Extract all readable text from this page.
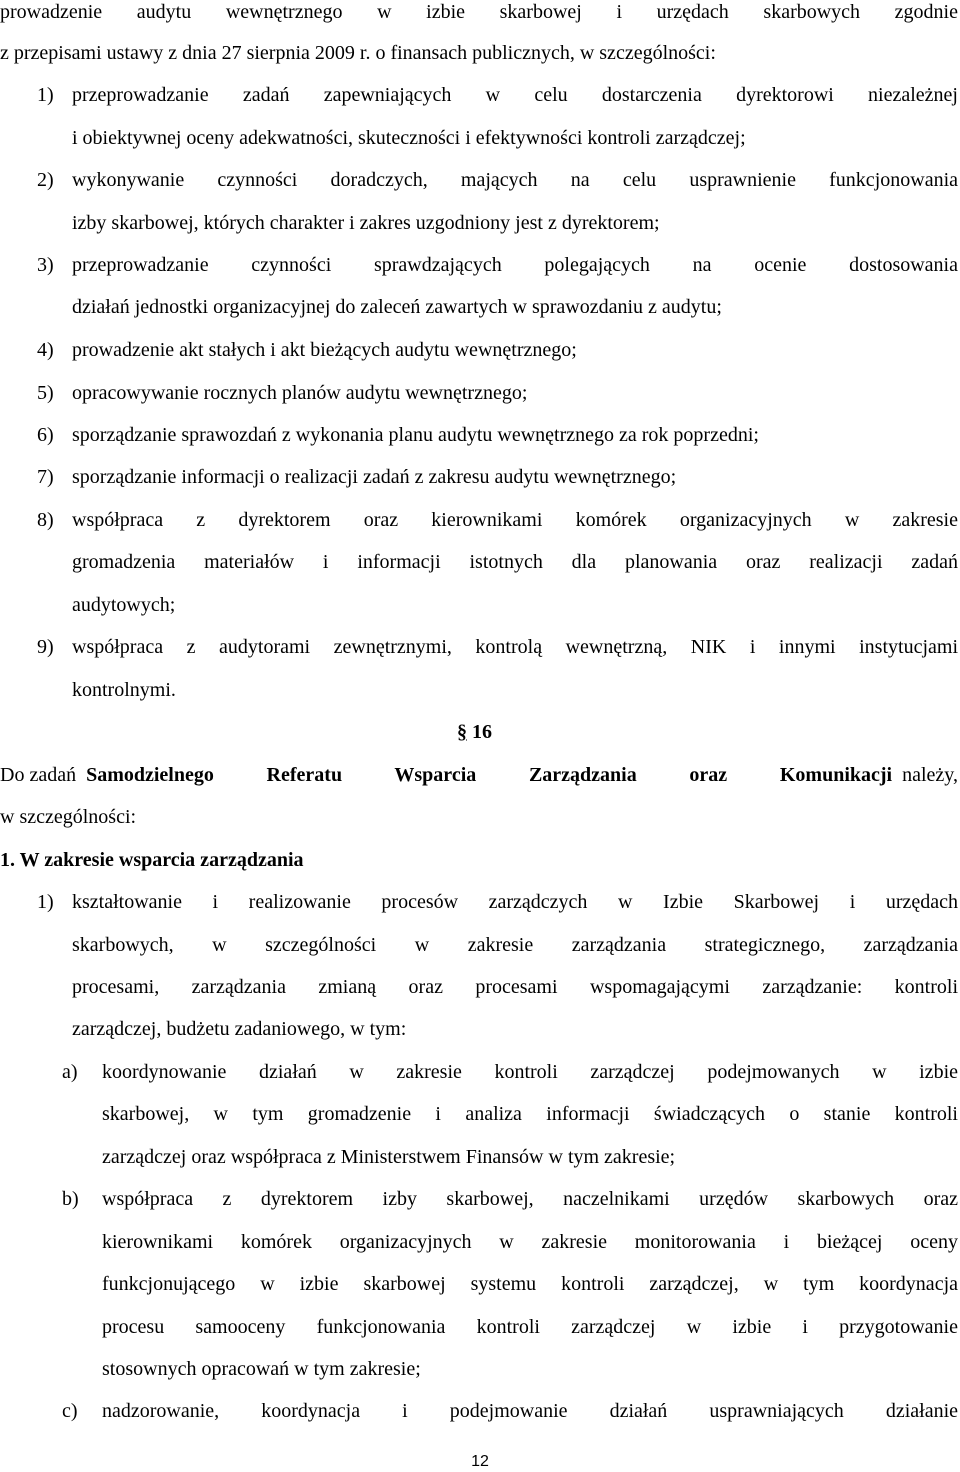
prowadzenie audytu wewnętrznego w izbie skarbowej i urzędach skarbowych zgodnie
z przepisami ustawy z dnia 27 sierpnia 2009 r. o finansach publicznych, w szczególności:
1) przeprowadzanie zadań zapewniających w celu dostarczenia dyrektorowi niezależnej
i obiektywnej oceny adekwatności, skuteczności i efektywności kontroli zarządczej;
2) wykonywanie czynności doradczych, mających na celu usprawnienie funkcjonowania
izby skarbowej, których charakter i zakres uzgodniony jest z dyrektorem;
3) przeprowadzanie czynności sprawdzających polegających na ocenie dostosowania
działań jednostki organizacyjnej do zaleceń zawartych w sprawozdaniu z audytu;
4) prowadzenie akt stałych i akt bieżących audytu wewnętrznego;
5) opracowywanie rocznych planów audytu wewnętrznego;
6) sporządzanie sprawozdań z wykonania planu audytu wewnętrznego za rok poprzedni;
7) sporządzanie informacji o realizacji zadań z zakresu audytu wewnętrznego;
8) współpraca z dyrektorem oraz kierownikami komórek organizacyjnych w zakresie
gromadzenia materiałów i informacji istotnych dla planowania oraz realizacji zadań
audytowych;
9) współpraca z audytorami zewnętrznymi, kontrolą wewnętrzną, NIK i innymi instytucjami
kontrolnymi.
§ 16
Do zadań Samodzielnego Referatu Wsparcia Zarządzania oraz Komunikacji należy,
w szczególności:
1. W zakresie wsparcia zarządzania
1) kształtowanie i realizowanie procesów zarządczych w Izbie Skarbowej i urzędach
skarbowych, w szczególności w zakresie zarządzania strategicznego, zarządzania
procesami, zarządzania zmianą oraz procesami wspomagającymi zarządzanie: kontroli
zarządczej, budżetu zadaniowego, w tym:
a) koordynowanie działań w zakresie kontroli zarządczej podejmowanych w izbie
skarbowej, w tym gromadzenie i analiza informacji świadczących o stanie kontroli
zarządczej oraz współpraca z Ministerstwem Finansów w tym zakresie;
b) współpraca z dyrektorem izby skarbowej, naczelnikami urzędów skarbowych oraz
kierownikami komórek organizacyjnych w zakresie monitorowania i bieżącej oceny
funkcjonującego w izbie skarbowej systemu kontroli zarządczej, w tym koordynacja
procesu samooceny funkcjonowania kontroli zarządczej w izbie i przygotowanie
stosownych opracowań w tym zakresie;
c) nadzorowanie, koordynacja i podejmowanie działań usprawniających działanie
12
